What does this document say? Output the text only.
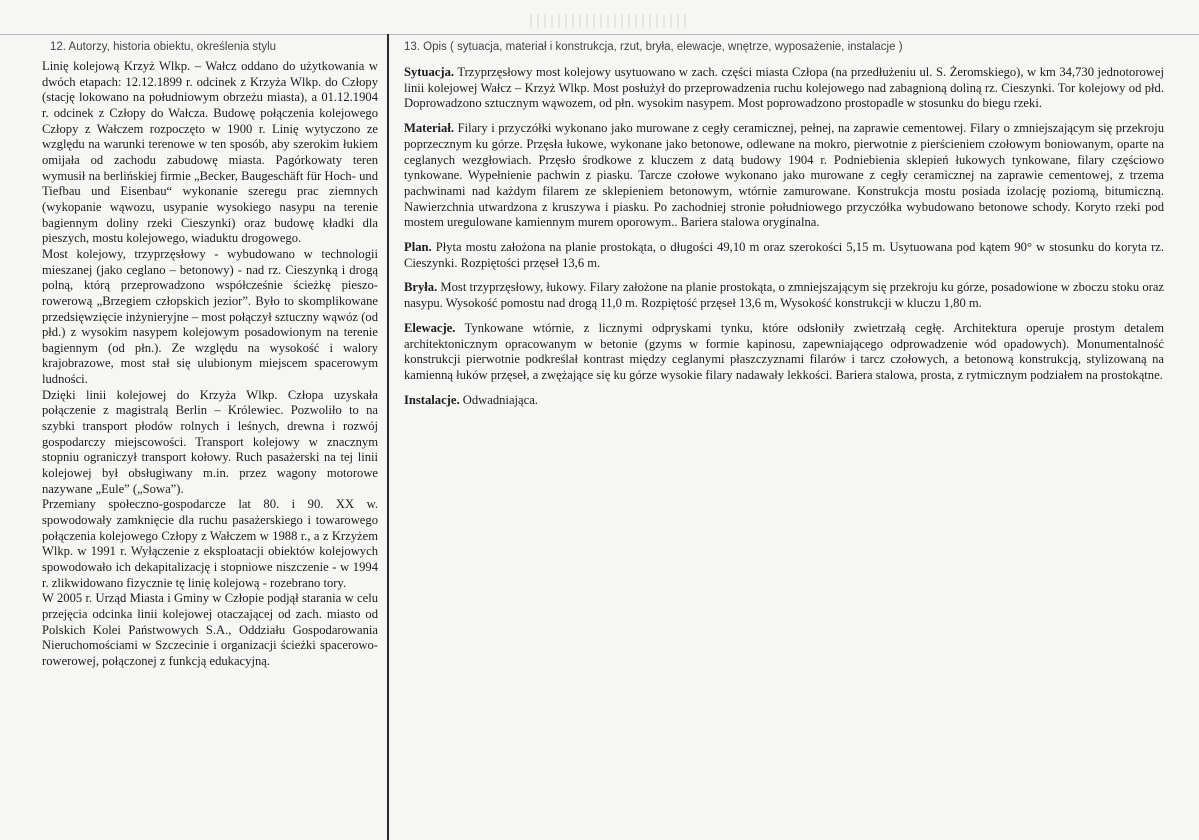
12. Autorzy, historia obiektu, określenia stylu

Linię kolejową Krzyż Wlkp. – Wałcz oddano do użytkowania w dwóch etapach: 12.12.1899 r. odcinek z Krzyża Wlkp. do Człopy (stację lokowano na południowym obrzeżu miasta), a 01.12.1904 r. odcinek z Człopy do Wałcza. Budowę połączenia kolejowego Człopy z Wałczem rozpoczęto w 1900 r. Linię wytyczono ze względu na warunki terenowe w ten sposób, aby szerokim łukiem omijała od zachodu zabudowę miasta. Pagórkowaty teren wymusił na berlińskiej firmie „Becker, Baugeschäft für Hoch- und Tiefbau und Eisenbau“ wykonanie szeregu prac ziemnych (wykopanie wąwozu, usypanie wysokiego nasypu na terenie bagiennym doliny rzeki Cieszynki) oraz budowę kładki dla pieszych, mostu kolejowego, wiaduktu drogowego.

Most kolejowy, trzyprzęsłowy - wybudowano w technologii mieszanej (jako ceglano – betonowy) - nad rz. Cieszynką i drogą polną, którą przeprowadzono współcześnie ścieżkę pieszo-rowerową „Brzegiem człopskich jezior”. Było to skomplikowane przedsięwzięcie inżynieryjne – most połączył sztuczny wąwóz (od płd.) z wysokim nasypem kolejowym posadowionym na terenie bagiennym (od płn.). Ze względu na wysokość i walory krajobrazowe, most stał się ulubionym miejscem spacerowym ludności.

Dzięki linii kolejowej do Krzyża Wlkp. Człopa uzyskała połączenie z magistralą Berlin – Królewiec. Pozwoliło to na szybki transport płodów rolnych i leśnych, drewna i rozwój gospodarczy miejscowości. Transport kolejowy w znacznym stopniu ograniczył transport kołowy. Ruch pasażerski na tej linii kolejowej był obsługiwany m.in. przez wagony motorowe nazywane „Eule” („Sowa”).

Przemiany społeczno-gospodarcze lat 80. i 90. XX w. spowodowały zamknięcie dla ruchu pasażerskiego i towarowego połączenia kolejowego Człopy z Wałczem w 1988 r., a z Krzyżem Wlkp. w 1991 r. Wyłączenie z eksploatacji obiektów kolejowych spowodowało ich dekapitalizację i stopniowe niszczenie - w 1994 r. zlikwidowano fizycznie tę linię kolejową - rozebrano tory.

W 2005 r. Urząd Miasta i Gminy w Człopie podjął starania w celu przejęcia odcinka linii kolejowej otaczającej od zach. miasto od Polskich Kolei Państwowych S.A., Oddziału Gospodarowania Nieruchomościami w Szczecinie i organizacji ścieżki spacerowo-rowerowej, połączonej z funkcją edukacyjną.

13. Opis ( sytuacja, materiał i konstrukcja, rzut, bryła, elewacje, wnętrze, wyposażenie, instalacje )

Sytuacja. Trzyprzęsłowy most kolejowy usytuowano w zach. części miasta Człopa (na przedłużeniu ul. S. Żeromskiego), w km 34,730 jednotorowej linii kolejowej Wałcz – Krzyż Wlkp. Most posłużył do przeprowadzenia ruchu kolejowego nad zabagnioną doliną rz. Cieszynki. Tor kolejowy od płd. Doprowadzono sztucznym wąwozem, od płn. wysokim nasypem. Most poprowadzono prostopadle w stosunku do biegu rzeki.

Materiał. Filary i przyczółki wykonano jako murowane z cegły ceramicznej, pełnej, na zaprawie cementowej. Filary o zmniejszającym się przekroju poprzecznym ku górze. Przęsła łukowe, wykonane jako betonowe, odlewane na mokro, pierwotnie z pierścieniem czołowym boniowanym, oparte na ceglanych wezgłowiach. Przęsło środkowe z kluczem z datą budowy 1904 r. Podniebienia sklepień łukowych tynkowane, filary częściowo tynkowane. Wypełnienie pachwin z piasku. Tarcze czołowe wykonano jako murowane z cegły ceramicznej na zaprawie cementowej, z trzema pachwinami nad każdym filarem ze sklepieniem betonowym, wtórnie zamurowane. Konstrukcja mostu posiada izolację poziomą, bitumiczną. Nawierzchnia utwardzona z kruszywa i piasku. Po zachodniej stronie południowego przyczółka wybudowano betonowe schody. Koryto rzeki pod mostem uregulowane kamiennym murem oporowym.. Bariera stalowa oryginalna.

Plan. Płyta mostu założona na planie prostokąta, o długości 49,10 m oraz szerokości 5,15 m. Usytuowana pod kątem 90° w stosunku do koryta rz. Cieszynki. Rozpiętości przęseł 13,6 m.

Bryła. Most trzyprzęsłowy, łukowy. Filary założone na planie prostokąta, o zmniejszającym się przekroju ku górze, posadowione w zboczu stoku oraz nasypu. Wysokość pomostu nad drogą 11,0 m. Rozpiętość przęseł 13,6 m, Wysokość konstrukcji w kluczu 1,80 m.

Elewacje. Tynkowane wtórnie, z licznymi odpryskami tynku, które odsłoniły zwietrzałą cegłę. Architektura operuje prostym detalem architektonicznym opracowanym w betonie (gzyms w formie kapinosu, zapewniającego odprowadzenie wód opadowych). Monumentalność konstrukcji pierwotnie podkreślał kontrast między ceglanymi płaszczyznami filarów i tarcz czołowych, a betonową konstrukcją, stylizowaną na kamienną łuków przęseł, a zwężające się ku górze wysokie filary nadawały lekkości. Bariera stalowa, prosta, z rytmicznym podziałem na prostokątne.

Instalacje. Odwadniająca.
